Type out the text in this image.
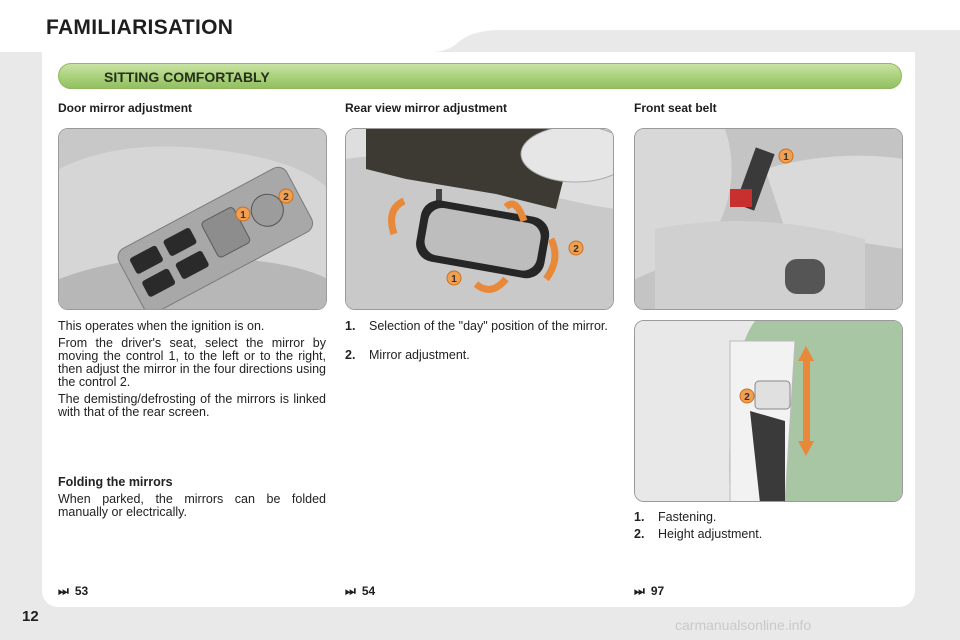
FAMILIARISATION
SITTING COMFORTABLY
Door mirror adjustment
1
2

This operates when the ignition is on.

From the driver's seat, select the mirror by moving the control 1, to the left or to the right, then adjust the mirror in the four directions using the control 2.

The demisting/defrosting of the mirrors is linked with that of the rear screen.

Folding the mirrors

When parked, the mirrors can be folded manually or electrically.

⏭ 53
Rear view mirror adjustment
1
2
1. Selection of the "day" position of the mirror.
2. Mirror adjustment.
⏭ 54
Front seat belt
1
2
1. Fastening.
2. Height adjustment.
⏭ 97
12	carmanualsonline.info
